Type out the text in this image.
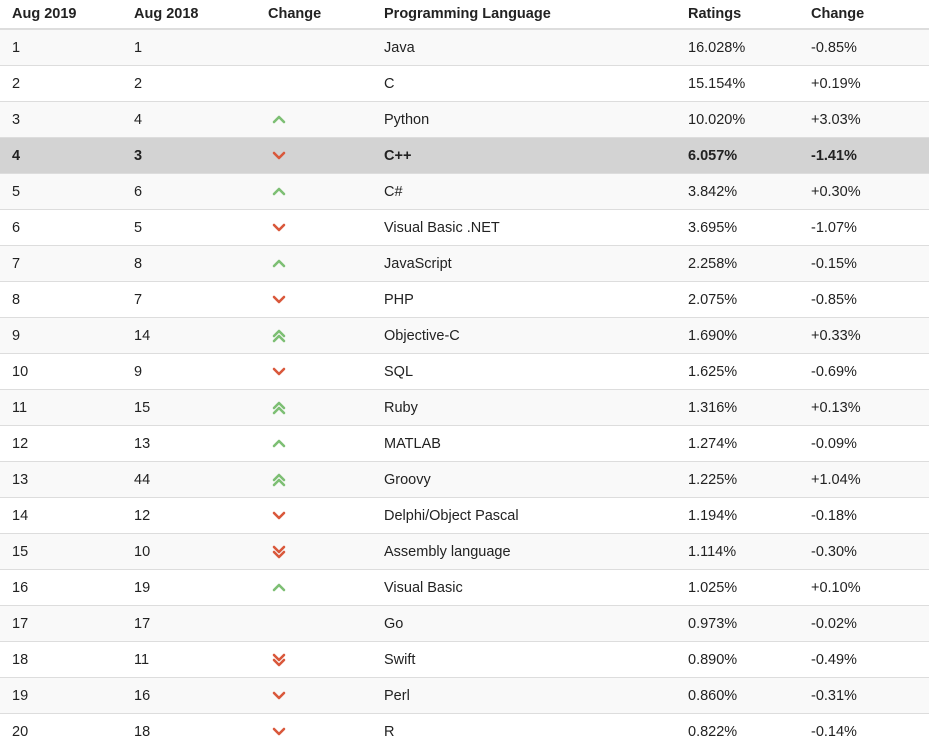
Aug 2019	Aug 2018	Change	Programming Language	Ratings	Change
1	1		Java	16.028%	-0.85%
2	2		C	15.154%	+0.19%
3	4		Python	10.020%	+3.03%
4	3		C++	6.057%	-1.41%
5	6		C#	3.842%	+0.30%
6	5		Visual Basic .NET	3.695%	-1.07%
7	8		JavaScript	2.258%	-0.15%
8	7		PHP	2.075%	-0.85%
9	14		Objective-C	1.690%	+0.33%
10	9		SQL	1.625%	-0.69%
11	15		Ruby	1.316%	+0.13%
12	13		MATLAB	1.274%	-0.09%
13	44		Groovy	1.225%	+1.04%
14	12		Delphi/Object Pascal	1.194%	-0.18%
15	10		Assembly language	1.114%	-0.30%
16	19		Visual Basic	1.025%	+0.10%
17	17		Go	0.973%	-0.02%
18	11		Swift	0.890%	-0.49%
19	16		Perl	0.860%	-0.31%
20	18		R	0.822%	-0.14%
